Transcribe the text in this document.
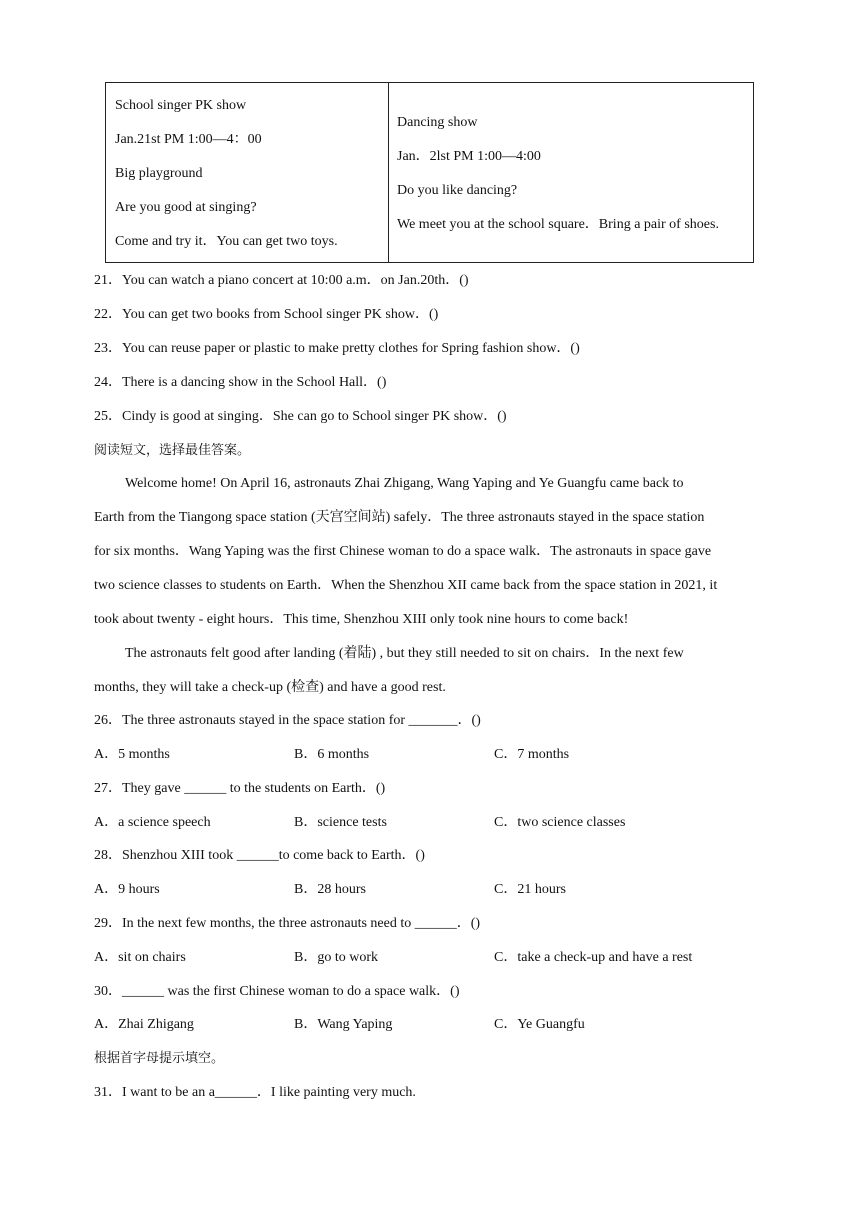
School singer PK show
Jan.21st PM 1:00—4：00
Big playground
Are you good at singing?
Come and try it．You can get two toys.
Dancing show
Jan．2lst PM 1:00—4:00
Do you like dancing?
We meet you at the school square．Bring a pair of shoes.
21．You can watch a piano concert at 10:00 a.m．on Jan.20th．()
22．You can get two books from School singer PK show．()
23．You can reuse paper or plastic to make pretty clothes for Spring fashion show．()
24．There is a dancing show in the School Hall．()
25．Cindy is good at singing．She can go to School singer PK show．()
阅读短文，选择最佳答案。
Welcome home! On April 16, astronauts Zhai Zhigang, Wang Yaping and Ye Guangfu came back to
Earth from the Tiangong space station (天宫空间站) safely．The three astronauts stayed in the space station
for six months．Wang Yaping was the first Chinese woman to do a space walk．The astronauts in space gave
two science classes to students on Earth．When the Shenzhou XII came back from the space station in 2021, it
took about twenty - eight hours．This time, Shenzhou XIII only took nine hours to come back!
The astronauts felt good after landing (着陆) , but they still needed to sit on chairs．In the next few
months, they will take a check-up (检查) and have a good rest.
26．The three astronauts stayed in the space station for _______．()
A．5 months	B．6 months	C．7 months
27．They gave ______ to the students on Earth．()
A．a science speech	B．science tests	C．two science classes
28．Shenzhou XIII took ______to come back to Earth．()
A．9 hours	B．28 hours	C．21 hours
29．In the next few months, the three astronauts need to ______．()
A．sit on chairs	B．go to work	C．take a check-up and have a rest
30．______ was the first Chinese woman to do a space walk．()
A．Zhai Zhigang	B．Wang Yaping	C．Ye Guangfu
根据首字母提示填空。
31．I want to be an a______．I like painting very much.
